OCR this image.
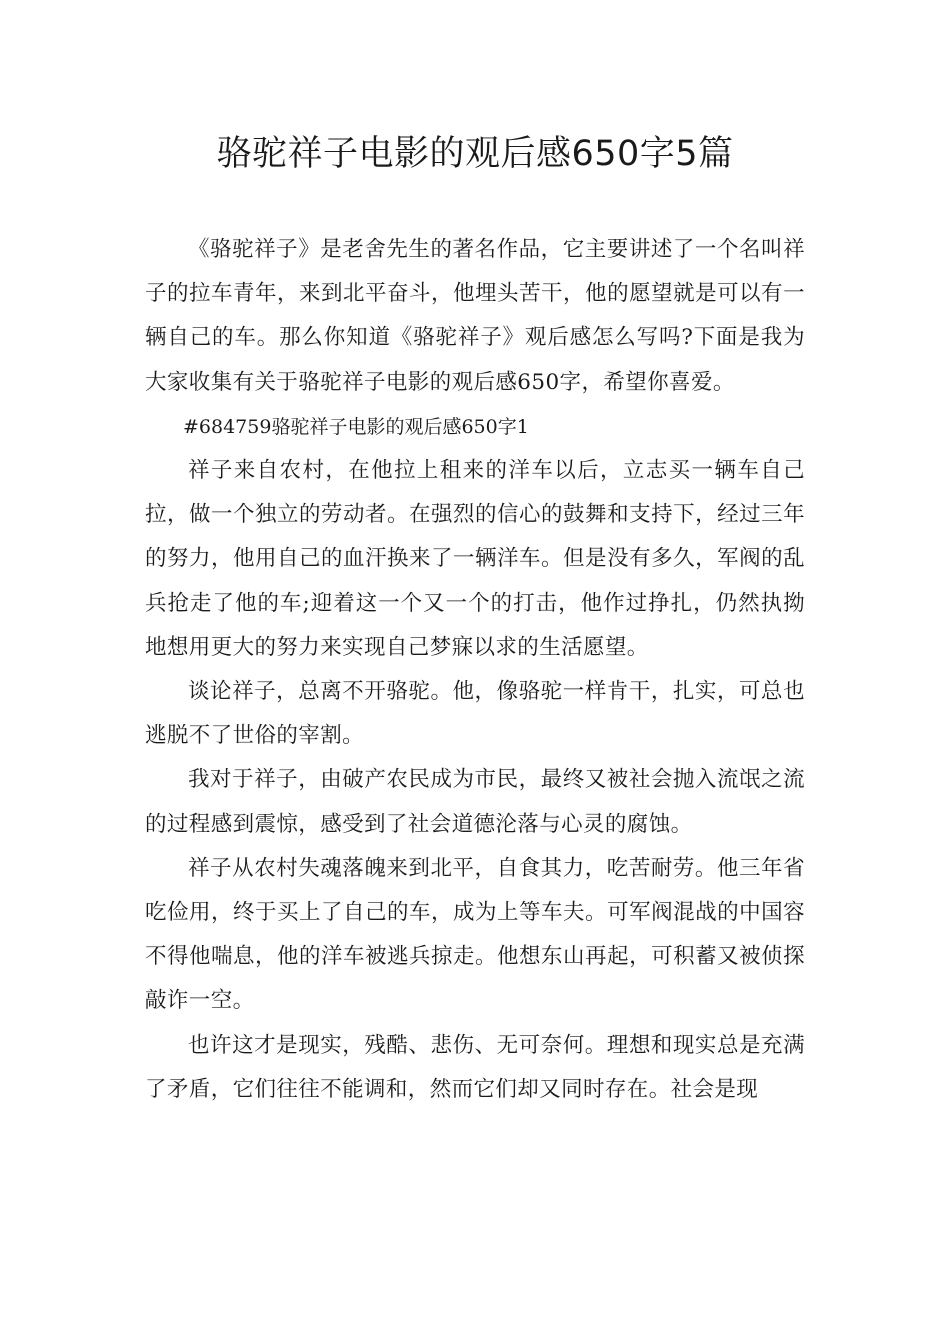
骆驼祥子电影的观后感650字5篇

《骆驼祥子》是老舍先生的著名作品，它主要讲述了一个名叫祥子的拉车青年，来到北平奋斗，他埋头苦干，他的愿望就是可以有一辆自己的车。那么你知道《骆驼祥子》观后感怎么写吗?下面是我为大家收集有关于骆驼祥子电影的观后感650字，希望你喜爱。

#684759骆驼祥子电影的观后感650字1

祥子来自农村，在他拉上租来的洋车以后，立志买一辆车自己拉，做一个独立的劳动者。在强烈的信心的鼓舞和支持下，经过三年的努力，他用自己的血汗换来了一辆洋车。但是没有多久，军阀的乱兵抢走了他的车;迎着这一个又一个的打击，他作过挣扎，仍然执拗地想用更大的努力来实现自己梦寐以求的生活愿望。

谈论祥子，总离不开骆驼。他，像骆驼一样肯干，扎实，可总也逃脱不了世俗的宰割。

我对于祥子，由破产农民成为市民，最终又被社会抛入流氓之流的过程感到震惊，感受到了社会道德沦落与心灵的腐蚀。

祥子从农村失魂落魄来到北平，自食其力，吃苦耐劳。他三年省吃俭用，终于买上了自己的车，成为上等车夫。可军阀混战的中国容不得他喘息，他的洋车被逃兵掠走。他想东山再起，可积蓄又被侦探敲诈一空。

也许这才是现实，残酷、悲伤、无可奈何。理想和现实总是充满了矛盾，它们往往不能调和，然而它们却又同时存在。社会是现
